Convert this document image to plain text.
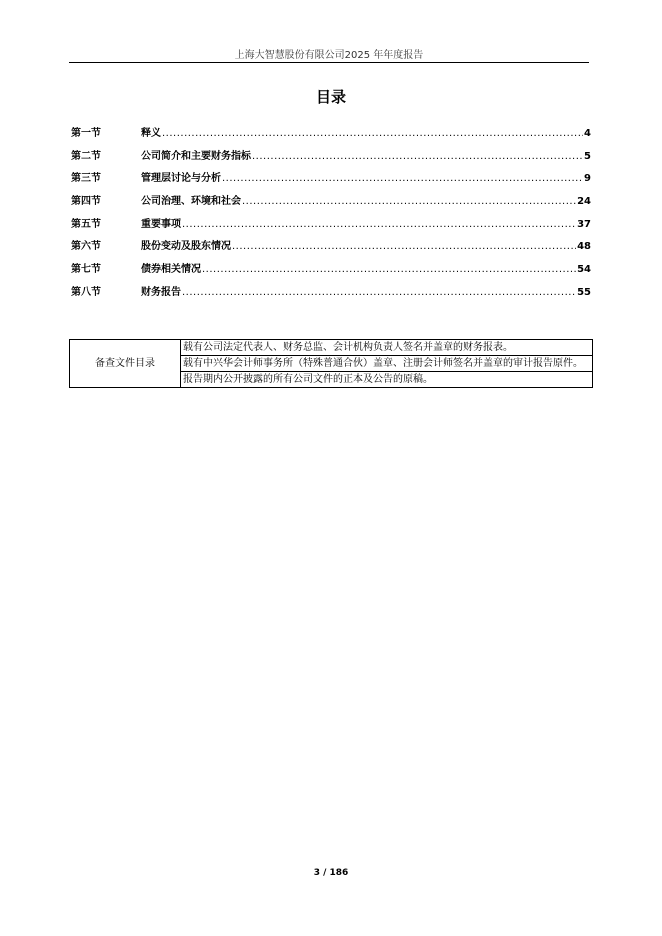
上海大智慧股份有限公司2025 年年度报告
目录
第一节	释义 .....	4
第二节	公司简介和主要财务指标 .....	5
第三节	管理层讨论与分析 .....	9
第四节	公司治理、环境和社会 .....	24
第五节	重要事项 .....	37
第六节	股份变动及股东情况 .....	48
第七节	债券相关情况 .....	54
第八节	财务报告 .....	55
备查文件目录	载有公司法定代表人、财务总监、会计机构负责人签名并盖章的财务报表。
载有中兴华会计师事务所（特殊普通合伙）盖章、注册会计师签名并盖章的审计报告原件。
报告期内公开披露的所有公司文件的正本及公告的原稿。
3 / 186
